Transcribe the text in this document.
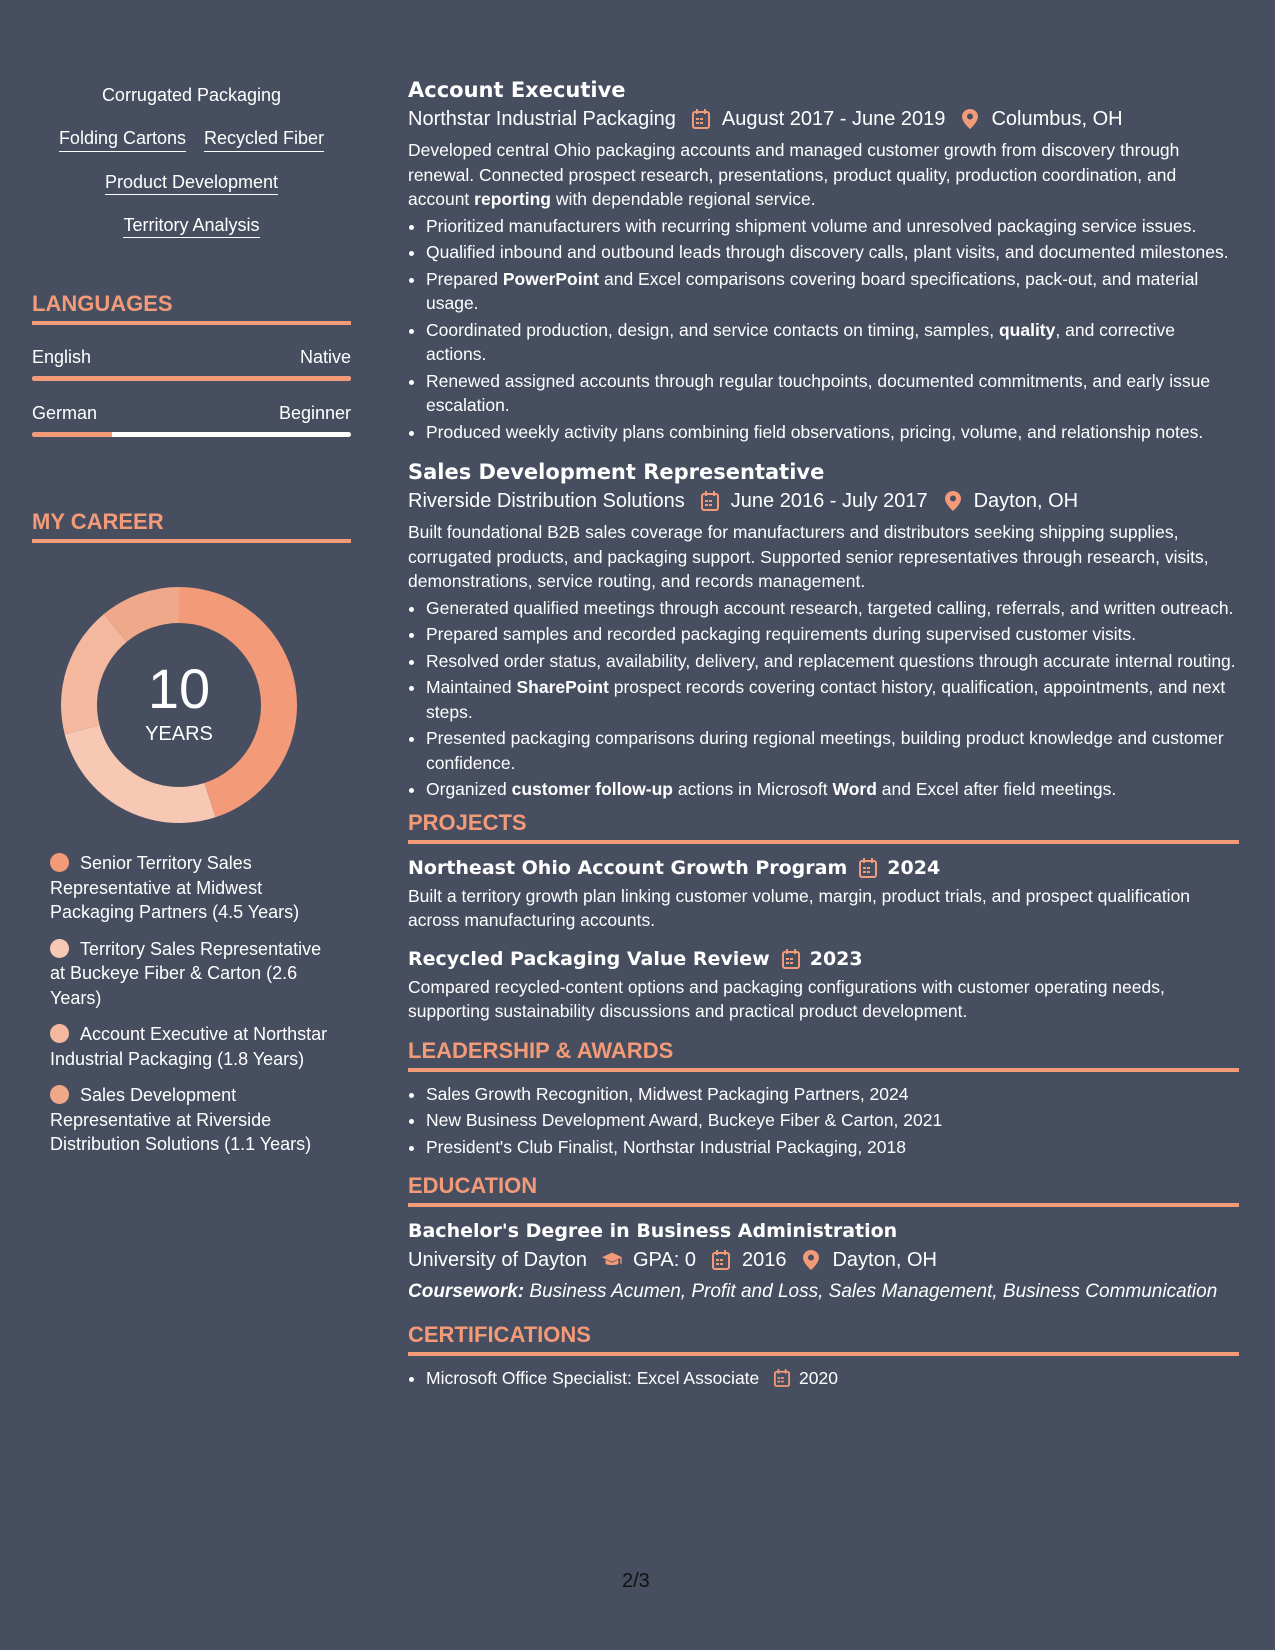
Corrugated Packaging
Folding Cartons Recycled Fiber
Product Development
Territory Analysis
LANGUAGES
English	Native
German	Beginner
MY CAREER
10
YEARS
Senior Territory Sales Representative at Midwest Packaging Partners (4.5 Years)
Territory Sales Representative at Buckeye Fiber & Carton (2.6 Years)
Account Executive at Northstar Industrial Packaging (1.8 Years)
Sales Development Representative at Riverside Distribution Solutions (1.1 Years)
Account Executive
Northstar Industrial Packaging August 2017 - June 2019 Columbus, OH

Developed central Ohio packaging accounts and managed customer growth from discovery through renewal. Connected prospect research, presentations, product quality, production coordination, and account reporting with dependable regional service.

• Prioritized manufacturers with recurring shipment volume and unresolved packaging service issues.
• Qualified inbound and outbound leads through discovery calls, plant visits, and documented milestones.
• Prepared PowerPoint and Excel comparisons covering board specifications, pack-out, and material usage.
• Coordinated production, design, and service contacts on timing, samples, quality, and corrective actions.
• Renewed assigned accounts through regular touchpoints, documented commitments, and early issue escalation.
• Produced weekly activity plans combining field observations, pricing, volume, and relationship notes.
Sales Development Representative
Riverside Distribution Solutions June 2016 - July 2017 Dayton, OH

Built foundational B2B sales coverage for manufacturers and distributors seeking shipping supplies, corrugated products, and packaging support. Supported senior representatives through research, visits, demonstrations, service routing, and records management.

• Generated qualified meetings through account research, targeted calling, referrals, and written outreach.
• Prepared samples and recorded packaging requirements during supervised customer visits.
• Resolved order status, availability, delivery, and replacement questions through accurate internal routing.
• Maintained SharePoint prospect records covering contact history, qualification, appointments, and next steps.
• Presented packaging comparisons during regional meetings, building product knowledge and customer confidence.
• Organized customer follow-up actions in Microsoft Word and Excel after field meetings.
PROJECTS
Northeast Ohio Account Growth Program 2024

Built a territory growth plan linking customer volume, margin, product trials, and prospect qualification across manufacturing accounts.

Recycled Packaging Value Review 2023

Compared recycled-content options and packaging configurations with customer operating needs, supporting sustainability discussions and practical product development.

LEADERSHIP & AWARDS
• Sales Growth Recognition, Midwest Packaging Partners, 2024
• New Business Development Award, Buckeye Fiber & Carton, 2021
• President's Club Finalist, Northstar Industrial Packaging, 2018
EDUCATION
Bachelor's Degree in Business Administration
University of Dayton GPA: 0 2016 Dayton, OH
Coursework: Business Acumen, Profit and Loss, Sales Management, Business Communication
CERTIFICATIONS
• Microsoft Office Specialist: Excel Associate 2020
2/3
